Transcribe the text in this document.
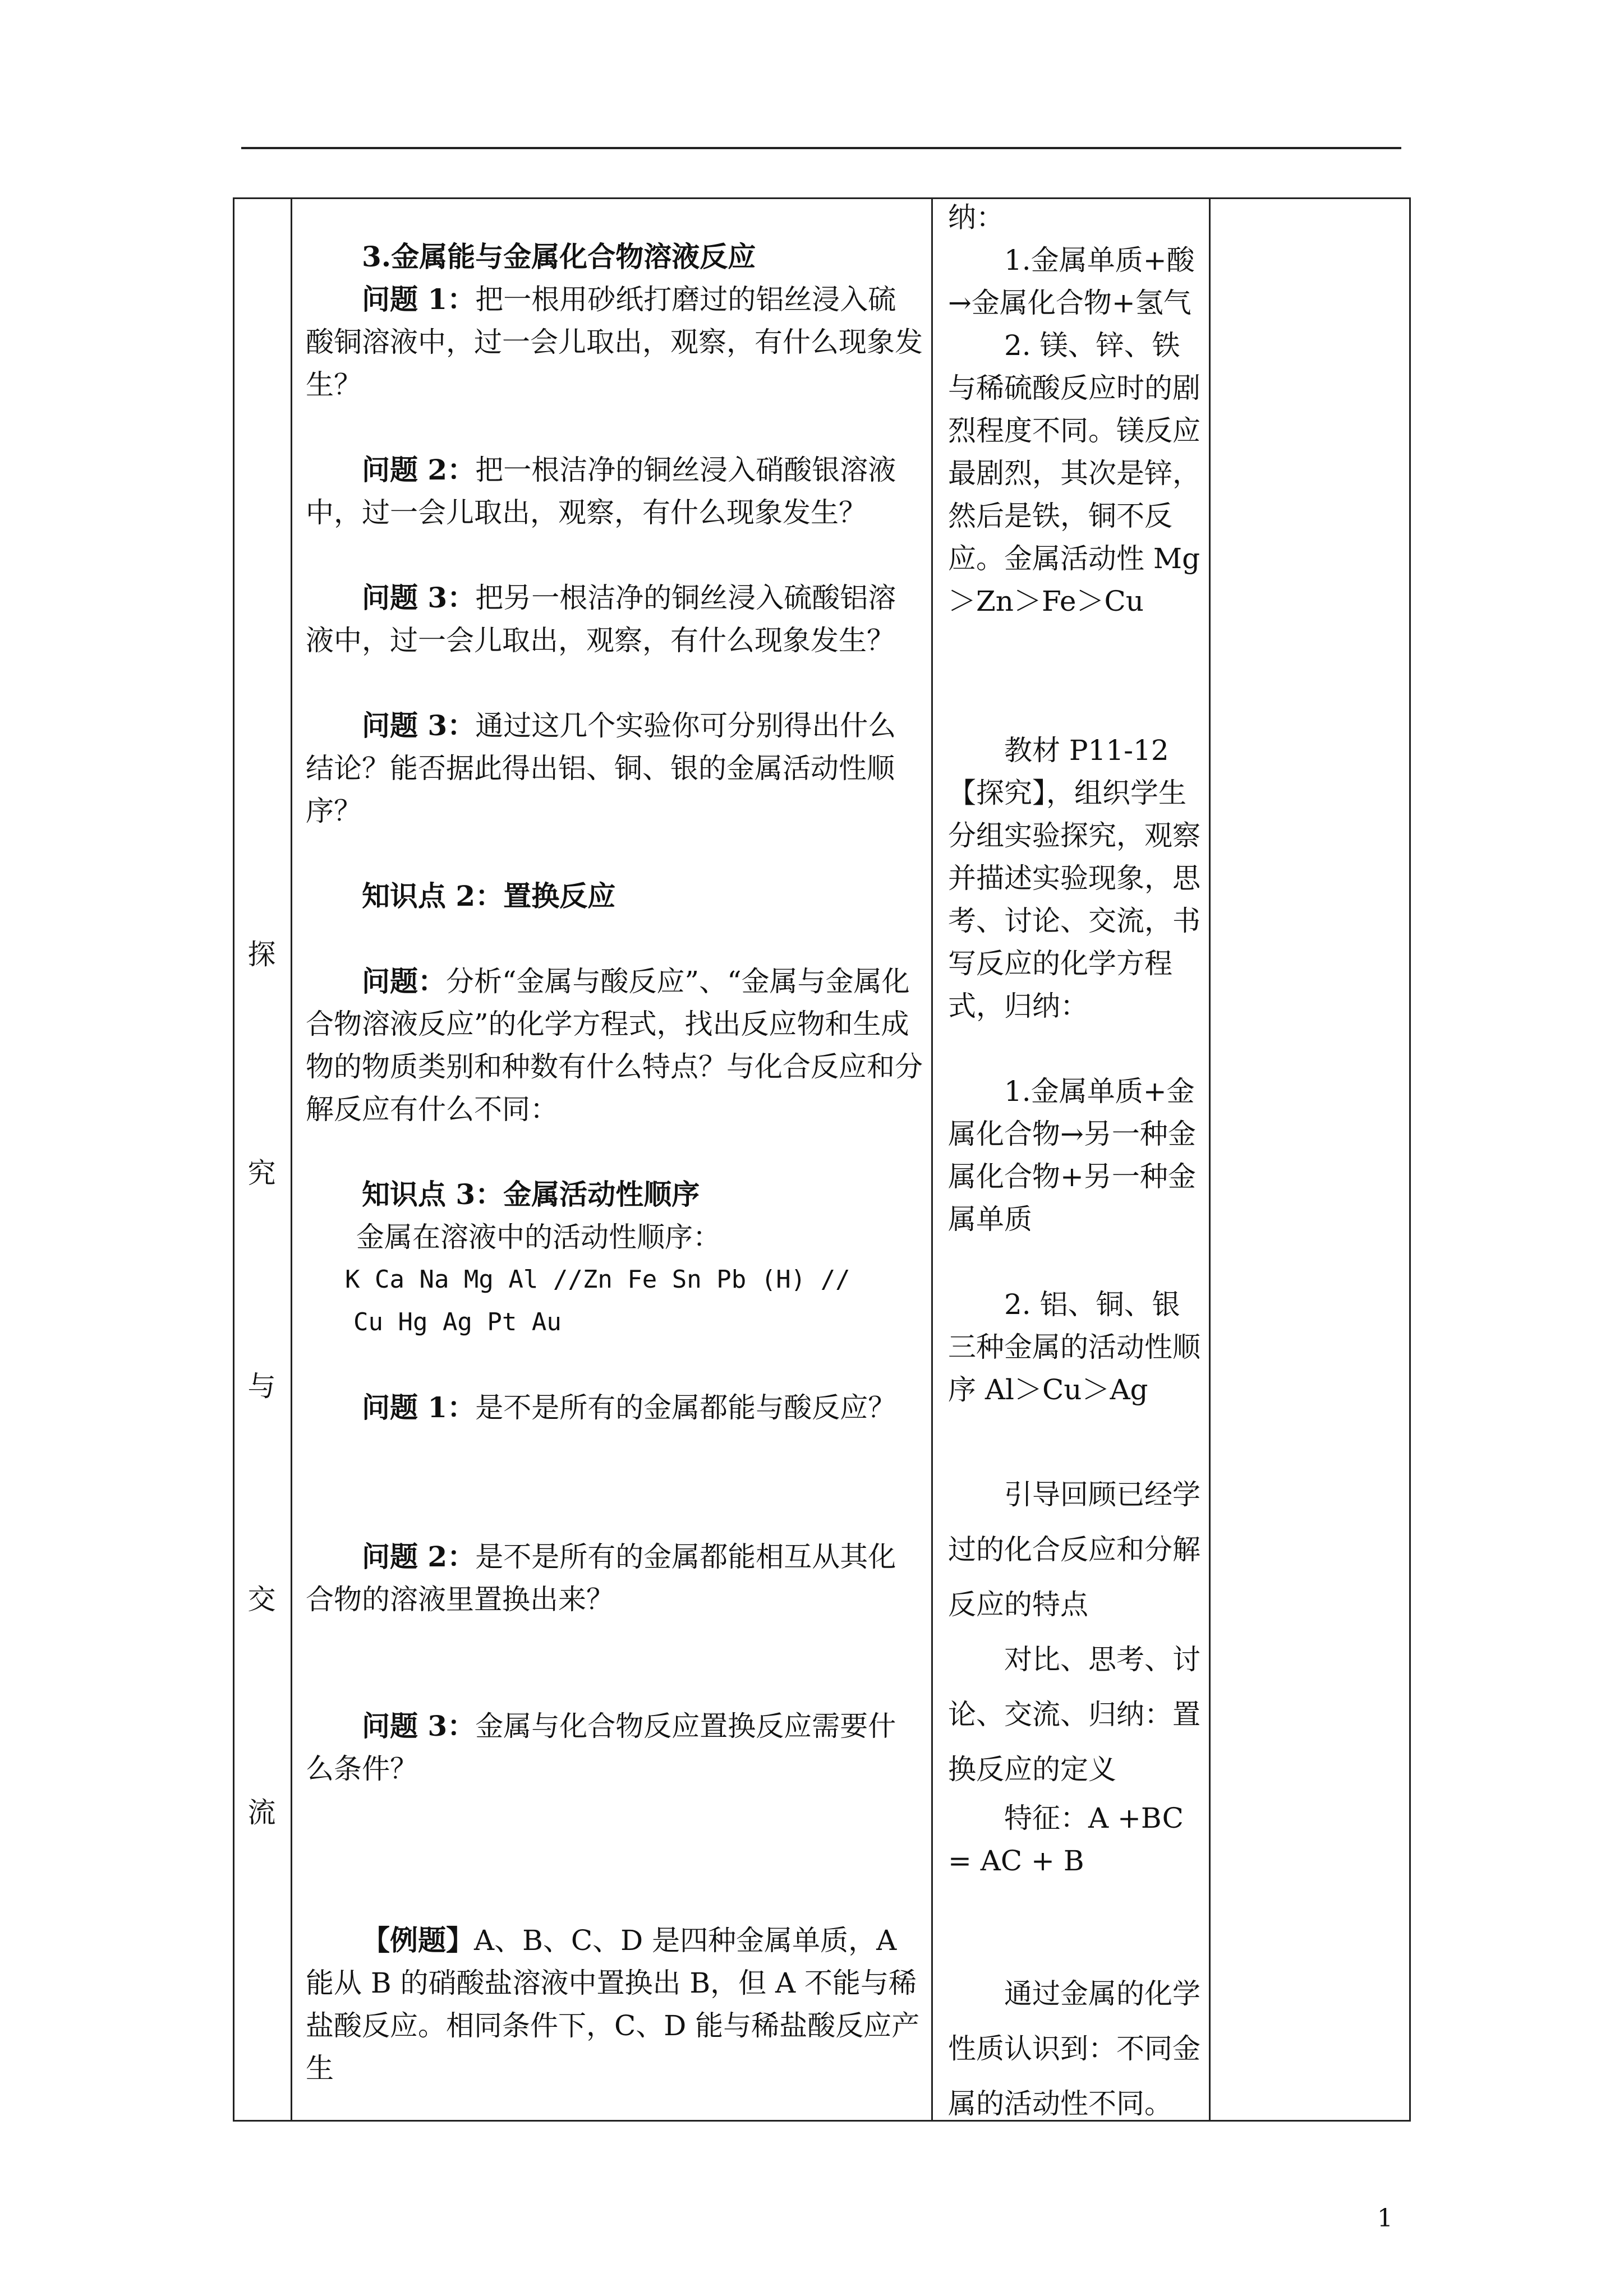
探
究
与
交
流

3.金属能与金属化合物溶液反应

问题 1：把一根用砂纸打磨过的铝丝浸入硫酸铜溶液中，过一会儿取出，观察，有什么现象发生？

问题 2：把一根洁净的铜丝浸入硝酸银溶液中，过一会儿取出，观察，有什么现象发生？

问题 3：把另一根洁净的铜丝浸入硫酸铝溶液中，过一会儿取出，观察，有什么现象发生？

问题 3：通过这几个实验你可分别得出什么结论？能否据此得出铝、铜、银的金属活动性顺序？

知识点 2：置换反应

问题：分析“金属与酸反应”、“金属与金属化合物溶液反应”的化学方程式，找出反应物和生成物的物质类别和种数有什么特点？与化合反应和分解反应有什么不同：

知识点 3：金属活动性顺序

金属在溶液中的活动性顺序：

K Ca Na Mg Al //Zn Fe Sn Pb (H) //

Cu Hg Ag Pt Au

问题 1：是不是所有的金属都能与酸反应？

问题 2：是不是所有的金属都能相互从其化合物的溶液里置换出来？

问题 3：金属与化合物反应置换反应需要什么条件？

【例题】A、B、C、D 是四种金属单质，A 能从 B 的硝酸盐溶液中置换出 B，但 A 不能与稀盐酸反应。相同条件下，C、D 能与稀盐酸反应产生

纳：

1.金属单质+酸→金属化合物+氢气

2. 镁、锌、铁与稀硫酸反应时的剧烈程度不同。镁反应最剧烈，其次是锌，然后是铁，铜不反应。金属活动性 Mg＞Zn＞Fe＞Cu

教材 P11-12

【探究】，组织学生分组实验探究，观察并描述实验现象，思考、讨论、交流，书写反应的化学方程式，归纳：

1.金属单质+金属化合物→另一种金属化合物+另一种金属单质

2. 铝、铜、银三种金属的活动性顺序 Al＞Cu＞Ag

引导回顾已经学过的化合反应和分解反应的特点

对比、思考、讨论、交流、归纳：置换反应的定义

特征：A +BC = AC + B

通过金属的化学性质认识到：不同金属的活动性不同。

1
